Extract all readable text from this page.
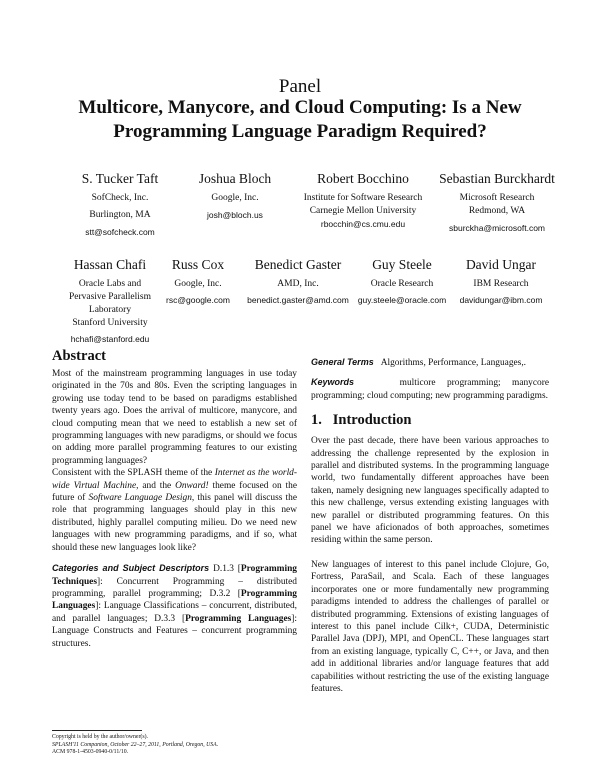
Panel
Multicore, Manycore, and Cloud Computing: Is a New Programming Language Paradigm Required?
S. Tucker Taft
SofCheck, Inc.
Burlington, MA
stt@sofcheck.com
Joshua Bloch
Google, Inc.
josh@bloch.us
Robert Bocchino
Institute for Software Research
Carnegie Mellon University
rbocchin@cs.cmu.edu
Sebastian Burckhardt
Microsoft Research
Redmond, WA
sburckha@microsoft.com
Hassan Chafi
Oracle Labs and
Pervasive Parallelism
Laboratory
Stanford University
hchafi@stanford.edu
Russ Cox
Google, Inc.
rsc@google.com
Benedict Gaster
AMD, Inc.
benedict.gaster@amd.com
Guy Steele
Oracle Research
guy.steele@oracle.com
David Ungar
IBM Research
davidungar@ibm.com
Abstract

Most of the mainstream programming languages in use today originated in the 70s and 80s. Even the scripting languages in growing use today tend to be based on paradigms established twenty years ago. Does the arrival of multicore, manycore, and cloud computing mean that we need to establish a new set of programming languages with new paradigms, or should we focus on adding more parallel programming features to our existing programming languages?

Consistent with the SPLASH theme of the Internet as the world-wide Virtual Machine, and the Onward! theme focused on the future of Software Language Design, this panel will discuss the role that programming languages should play in this new distributed, highly parallel computing milieu. Do we need new languages with new programming paradigms, and if so, what should these new languages look like?

Categories and Subject Descriptors D.1.3 [Programming Techniques]: Concurrent Programming – distributed programming, parallel programming; D.3.2 [Programming Languages]: Language Classifications – concurrent, distributed, and parallel languages; D.3.3 [Programming Languages]: Language Constructs and Features – concurrent programming structures.

Copyright is held by the author/owner(s).
SPLASH'11 Companion, October 22–27, 2011, Portland, Oregon, USA.
ACM 978-1-4503-0940-0/11/10.

General Terms Algorithms, Performance, Languages,.

Keywords	multicore programming; manycore programming; cloud computing; new programming paradigms.

1.   Introduction

Over the past decade, there have been various approaches to addressing the challenge represented by the explosion in parallel and distributed systems. In the programming language world, two fundamentally different approaches have been taken, namely designing new languages specifically adapted to this new challenge, versus extending existing languages with new parallel or distributed programming features. On this panel we have aficionados of both approaches, sometimes residing within the same person.

New languages of interest to this panel include Clojure, Go, Fortress, ParaSail, and Scala. Each of these languages incorporates one or more fundamentally new programming paradigms intended to address the challenges of parallel or distributed programming. Extensions of existing languages of interest to this panel include Cilk+, CUDA, Deterministic Parallel Java (DPJ), MPI, and OpenCL. These languages start from an existing language, typically C, C++, or Java, and then add in additional libraries and/or language features that add capabilities without restricting the use of the existing language features.
